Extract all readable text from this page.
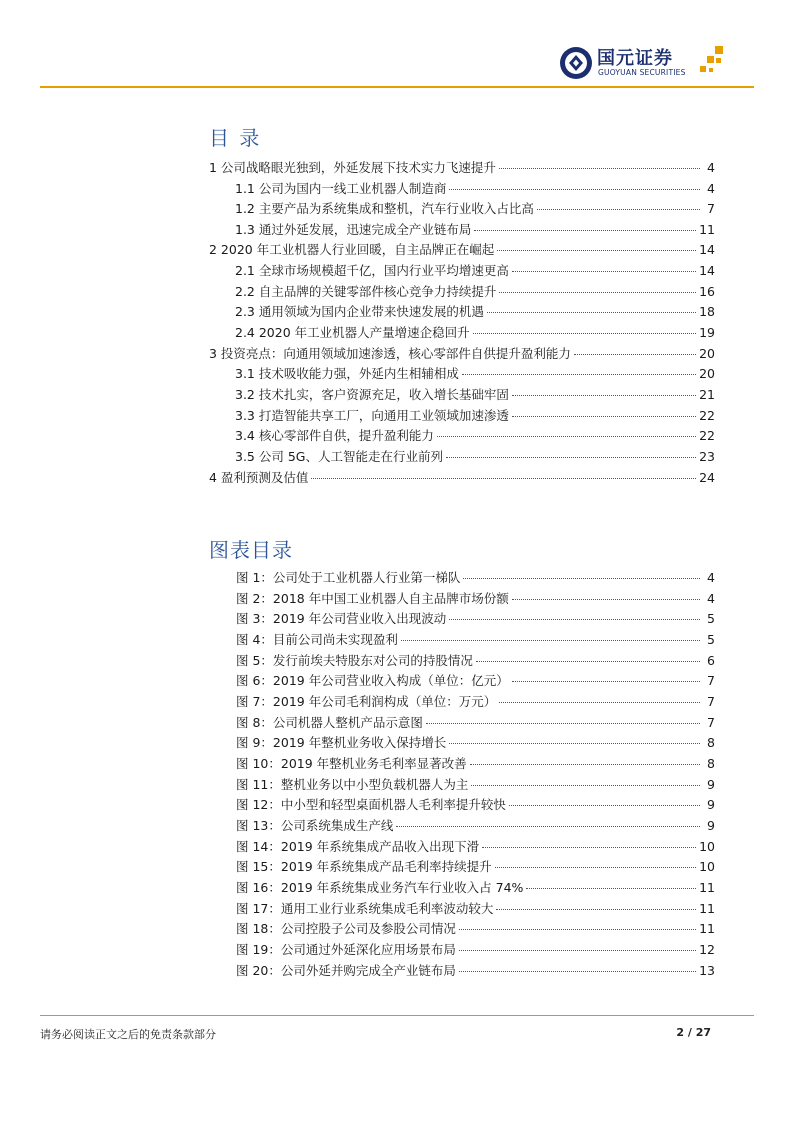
国元证券
GUOYUAN SECURITIES
目 录
1 公司战略眼光独到，外延发展下技术实力飞速提升	4
1.1 公司为国内一线工业机器人制造商	4
1.2 主要产品为系统集成和整机，汽车行业收入占比高	7
1.3 通过外延发展，迅速完成全产业链布局	11
2 2020 年工业机器人行业回暖，自主品牌正在崛起	14
2.1 全球市场规模超千亿，国内行业平均增速更高	14
2.2 自主品牌的关键零部件核心竞争力持续提升	16
2.3 通用领域为国内企业带来快速发展的机遇	18
2.4 2020 年工业机器人产量增速企稳回升	19
3 投资亮点：向通用领域加速渗透，核心零部件自供提升盈利能力	20
3.1 技术吸收能力强，外延内生相辅相成	20
3.2 技术扎实，客户资源充足，收入增长基础牢固	21
3.3 打造智能共享工厂，向通用工业领域加速渗透	22
3.4 核心零部件自供，提升盈利能力	22
3.5 公司 5G、人工智能走在行业前列	23
4 盈利预测及估值	24
图表目录
图 1：公司处于工业机器人行业第一梯队	4
图 2：2018 年中国工业机器人自主品牌市场份额	4
图 3：2019 年公司营业收入出现波动	5
图 4：目前公司尚未实现盈利	5
图 5：发行前埃夫特股东对公司的持股情况	6
图 6：2019 年公司营业收入构成（单位：亿元）	7
图 7：2019 年公司毛利润构成（单位：万元）	7
图 8：公司机器人整机产品示意图	7
图 9：2019 年整机业务收入保持增长	8
图 10：2019 年整机业务毛利率显著改善	8
图 11：整机业务以中小型负载机器人为主	9
图 12：中小型和轻型桌面机器人毛利率提升较快	9
图 13：公司系统集成生产线	9
图 14：2019 年系统集成产品收入出现下滑	10
图 15：2019 年系统集成产品毛利率持续提升	10
图 16：2019 年系统集成业务汽车行业收入占 74%	11
图 17：通用工业行业系统集成毛利率波动较大	11
图 18：公司控股子公司及参股公司情况	11
图 19：公司通过外延深化应用场景布局	12
图 20：公司外延并购完成全产业链布局	13
请务必阅读正文之后的免责条款部分	2 / 27
